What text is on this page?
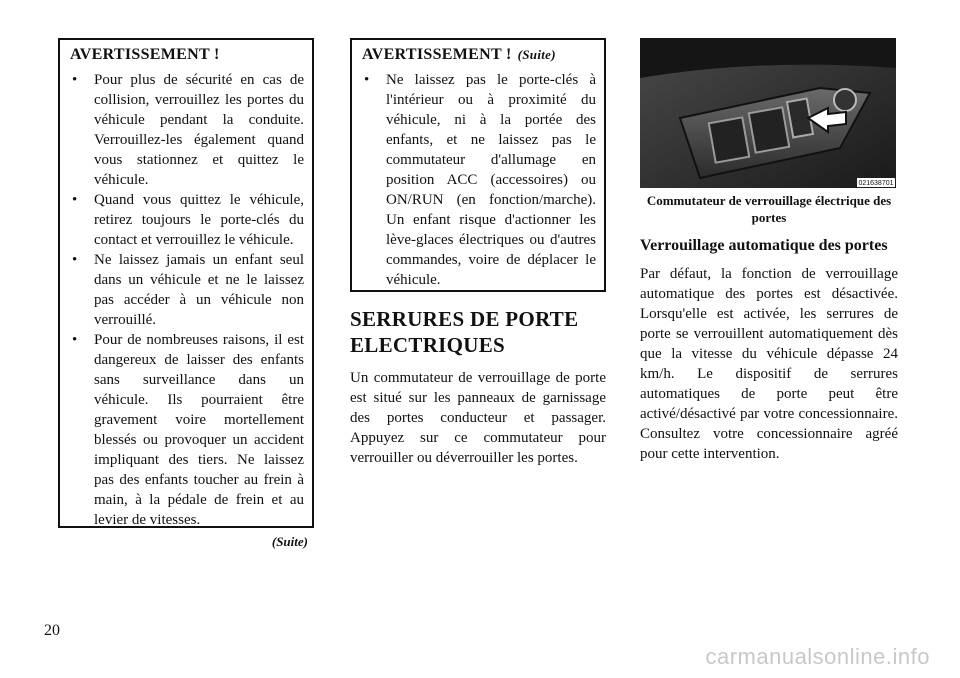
AVERTISSEMENT !
• Pour plus de sécurité en cas de collision, verrouillez les portes du véhicule pendant la conduite. Verrouillez-les également quand vous stationnez et quittez le véhicule.
• Quand vous quittez le véhicule, retirez toujours le porte-clés du contact et verrouillez le véhicule.
• Ne laissez jamais un enfant seul dans un véhicule et ne le laissez pas accéder à un véhicule non verrouillé.
• Pour de nombreuses raisons, il est dangereux de laisser des enfants sans surveillance dans un véhicule. Ils pourraient être gravement voire mortellement blessés ou provoquer un accident impliquant des tiers. Ne laissez pas des enfants toucher au frein à main, à la pédale de frein et au levier de vitesses.
(Suite)
AVERTISSEMENT ! (Suite)
• Ne laissez pas le porte-clés à l'intérieur ou à proximité du véhicule, ni à la portée des enfants, et ne laissez pas le commutateur d'allumage en position ACC (accessoires) ou ON/RUN (en fonction/marche). Un enfant risque d'actionner les lève-glaces électriques ou d'autres commandes, voire de déplacer le véhicule.
SERRURES DE PORTE ELECTRIQUES

Un commutateur de verrouillage de porte est situé sur les panneaux de garnissage des portes conducteur et passager. Appuyez sur ce commutateur pour verrouiller ou déverrouiller les portes.

021638701
Commutateur de verrouillage électrique des portes
Verrouillage automatique des portes

Par défaut, la fonction de verrouillage automatique des portes est désactivée. Lorsqu'elle est activée, les serrures de porte se verrouillent automatiquement dès que la vitesse du véhicule dépasse 24 km/h. Le dispositif de serrures automatiques de porte peut être activé/désactivé par votre concessionnaire. Consultez votre concessionnaire agréé pour cette intervention.

20
carmanualsonline.info
